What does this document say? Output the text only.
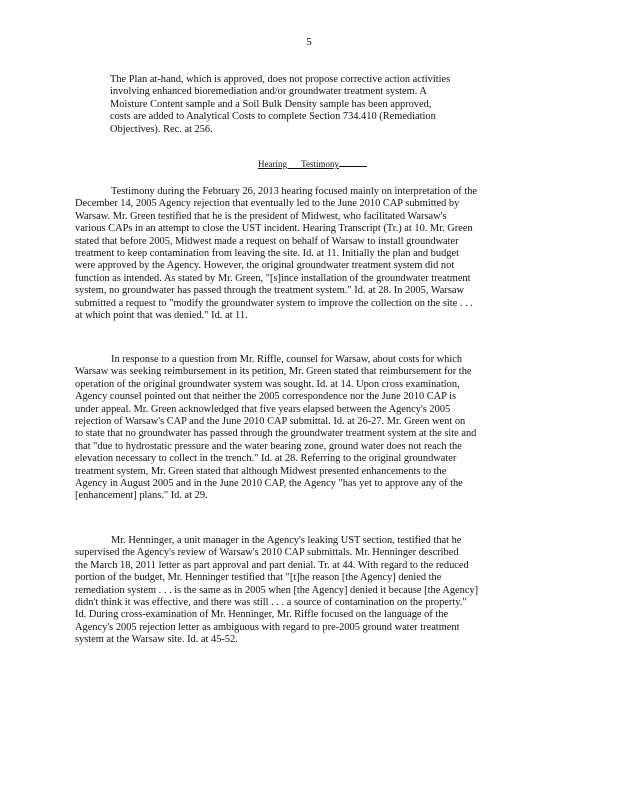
5
The Plan at-hand, which is approved, does not propose corrective action activities
involving enhanced bioremediation and/or groundwater treatment system. A
Moisture Content sample and a Soil Bulk Density sample has been approved,
costs are added to Analytical Costs to complete Section 734.410 (Remediation
Objectives). Rec. at 256.
Hearing Testimony
Testimony during the February 26, 2013 hearing focused mainly on interpretation of the
December 14, 2005 Agency rejection that eventually led to the June 2010 CAP submitted by
Warsaw. Mr. Green testified that he is the president of Midwest, who facilitated Warsaw's
various CAPs in an attempt to close the UST incident. Hearing Transcript (Tr.) at 10. Mr. Green
stated that before 2005, Midwest made a request on behalf of Warsaw to install groundwater
treatment to keep contamination from leaving the site. Id. at 11. Initially the plan and budget
were approved by the Agency. However, the original groundwater treatment system did not
function as intended. As stated by Mr. Green, "[s]ince installation of the groundwater treatment
system, no groundwater has passed through the treatment system." Id. at 28. In 2005, Warsaw
submitted a request to "modify the groundwater system to improve the collection on the site . . .
at which point that was denied." Id. at 11.
In response to a question from Mr. Riffle, counsel for Warsaw, about costs for which
Warsaw was seeking reimbursement in its petition, Mr. Green stated that reimbursement for the
operation of the original groundwater system was sought. Id. at 14. Upon cross examination,
Agency counsel pointed out that neither the 2005 correspondence nor the June 2010 CAP is
under appeal. Mr. Green acknowledged that five years elapsed between the Agency's 2005
rejection of Warsaw's CAP and the June 2010 CAP submittal. Id. at 26-27. Mr. Green went on
to state that no groundwater has passed through the groundwater treatment system at the site and
that "due to hydrostatic pressure and the water bearing zone, ground water does not reach the
elevation necessary to collect in the trench." Id. at 28. Referring to the original groundwater
treatment system, Mr. Green stated that although Midwest presented enhancements to the
Agency in August 2005 and in the June 2010 CAP, the Agency "has yet to approve any of the
[enhancement] plans." Id. at 29.
Mr. Henninger, a unit manager in the Agency's leaking UST section, testified that he
supervised the Agency's review of Warsaw's 2010 CAP submittals. Mr. Henninger described
the March 18, 2011 letter as part approval and part denial. Tr. at 44. With regard to the reduced
portion of the budget, Mr. Henninger testified that "[t]he reason [the Agency] denied the
remediation system . . . is the same as in 2005 when [the Agency] denied it because [the Agency]
didn't think it was effective, and there was still . . . a source of contamination on the property."
Id. During cross-examination of Mr. Henninger, Mr. Riffle focused on the language of the
Agency's 2005 rejection letter as ambiguous with regard to pre-2005 ground water treatment
system at the Warsaw site. Id. at 45-52.
